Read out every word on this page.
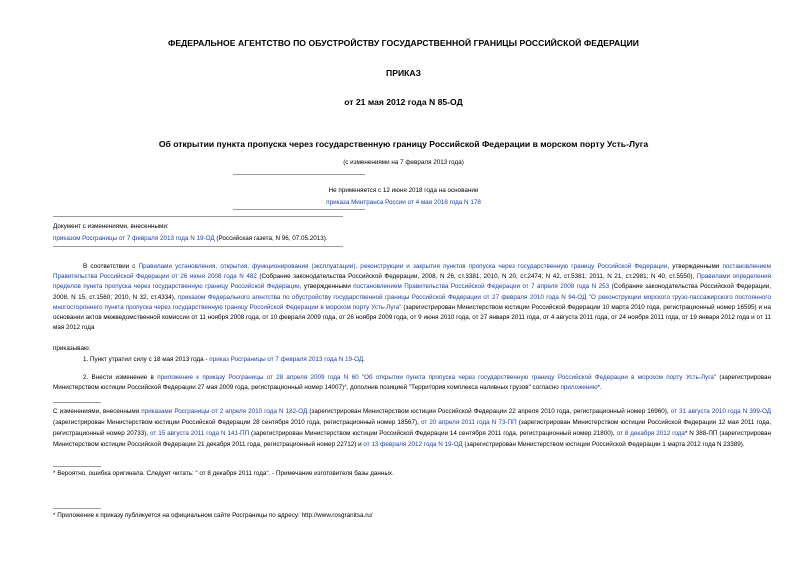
ФЕДЕРАЛЬНОЕ АГЕНТСТВО ПО ОБУСТРОЙСТВУ ГОСУДАРСТВЕННОЙ ГРАНИЦЫ РОССИЙСКОЙ ФЕДЕРАЦИИ
ПРИКАЗ
от 21 мая 2012 года N 85-ОД
Об открытии пункта пропуска через государственную границу Российской Федерации в морском порту Усть-Луга
(с изменениями на 7 февраля 2013 года)
Не применяется с 12 июня 2018 года на основании
приказа Минтранса России от 4 мая 2018 года N 178
Документ с изменениями, внесенными:
приказом Росграницы от 7 февраля 2013 года N 19-ОД (Российская газета, N 96, 07.05.2013).
В соответствии с Правилами установления, открытия, функционирования (эксплуатации), реконструкции и закрытия пунктов пропуска через государственную границу Российской Федерации, утвержденными постановлением Правительства Российской Федерации от 26 июня 2008 года N 482 (Собрание законодательства Российской Федерации, 2008, N 26, ст.3381; 2010, N 20, ст.2474; N 42, ст.5381; 2011, N 21, ст.2981; N 40, ст.5550), Правилами определения пределов пункта пропуска через государственную границу Российской Федерации, утвержденными постановлением Правительства Российской Федерации от 7 апреля 2008 года N 253 (Собрание законодательства Российской Федерации, 2008, N 15, ст.1560; 2010, N 32, ст.4334), приказом Федерального агентства по обустройству государственной границы Российской Федерации от 27 февраля 2010 года N 94-ОД "О реконструкции морского грузо-пассажирского постоянного многостороннего пункта пропуска через государственную границу Российской Федерации в морском порту Усть-Луга" (зарегистрирован Министерством юстиции Российской Федерации 10 марта 2010 года, регистрационный номер 16595) и на основании актов межведомственной комиссии от 11 ноября 2008 года, от 10 февраля 2009 года, от 26 ноября 2009 года, от 9 июня 2010 года, от 27 января 2011 года, от 4 августа 2011 года, от 24 ноября 2011 года, от 19 января 2012 года и от 11 мая 2012 года
приказываю:
1. Пункт утратил силу с 18 мая 2013 года - приказ Росграницы от 7 февраля 2013 года N 19-ОД.
2. Внести изменение в приложение к приказу Росграницы от 28 апреля 2009 года N 60 "Об открытии пункта пропуска через государственную границу Российской Федерации в морском порту Усть-Луга" (зарегистрирован Министерством юстиции Российской Федерации 27 мая 2009 года, регистрационный номер 14007)*, дополнив позицией "Территория комплекса наливных грузов" согласно приложению*.
С изменениями, внесенными приказами Росграницы от 2 апреля 2010 года N 182-ОД (зарегистрирован Министерством юстиции Российской Федерации 22 апреля 2010 года, регистрационный номер 16960), от 31 августа 2010 года N 399-ОД (зарегистрирован Министерством юстиции Российской Федерации 28 сентября 2010 года, регистрационный номер 18567), от 20 апреля 2011 года N 73-ПП (зарегистрирован Министерством юстиции Российской Федерации 12 мая 2011 года, регистрационный номер 20733), от 15 августа 2011 года N 141-ПП (зарегистрирован Министерством юстиции Российской Федерации 14 сентября 2011 года, регистрационный номер 21800), от 8 декабря 2012 года* N 388-ПП (зарегистрирован Министерством юстиции Российской Федерации 21 декабря 2011 года, регистрационный номер 22712) и от 13 февраля 2012 года N 19-ОД (зарегистрирован Министерством юстиции Российской Федерации 1 марта 2012 года N 23389).
* Вероятно, ошибка оригинала. Следует читать: " от 8 декабря 2011 года". - Примечание изготовителя базы данных.
* Приложение к приказу публикуется на официальном сайте Росграницы по адресу: http://www.rosgranitsa.ru/
